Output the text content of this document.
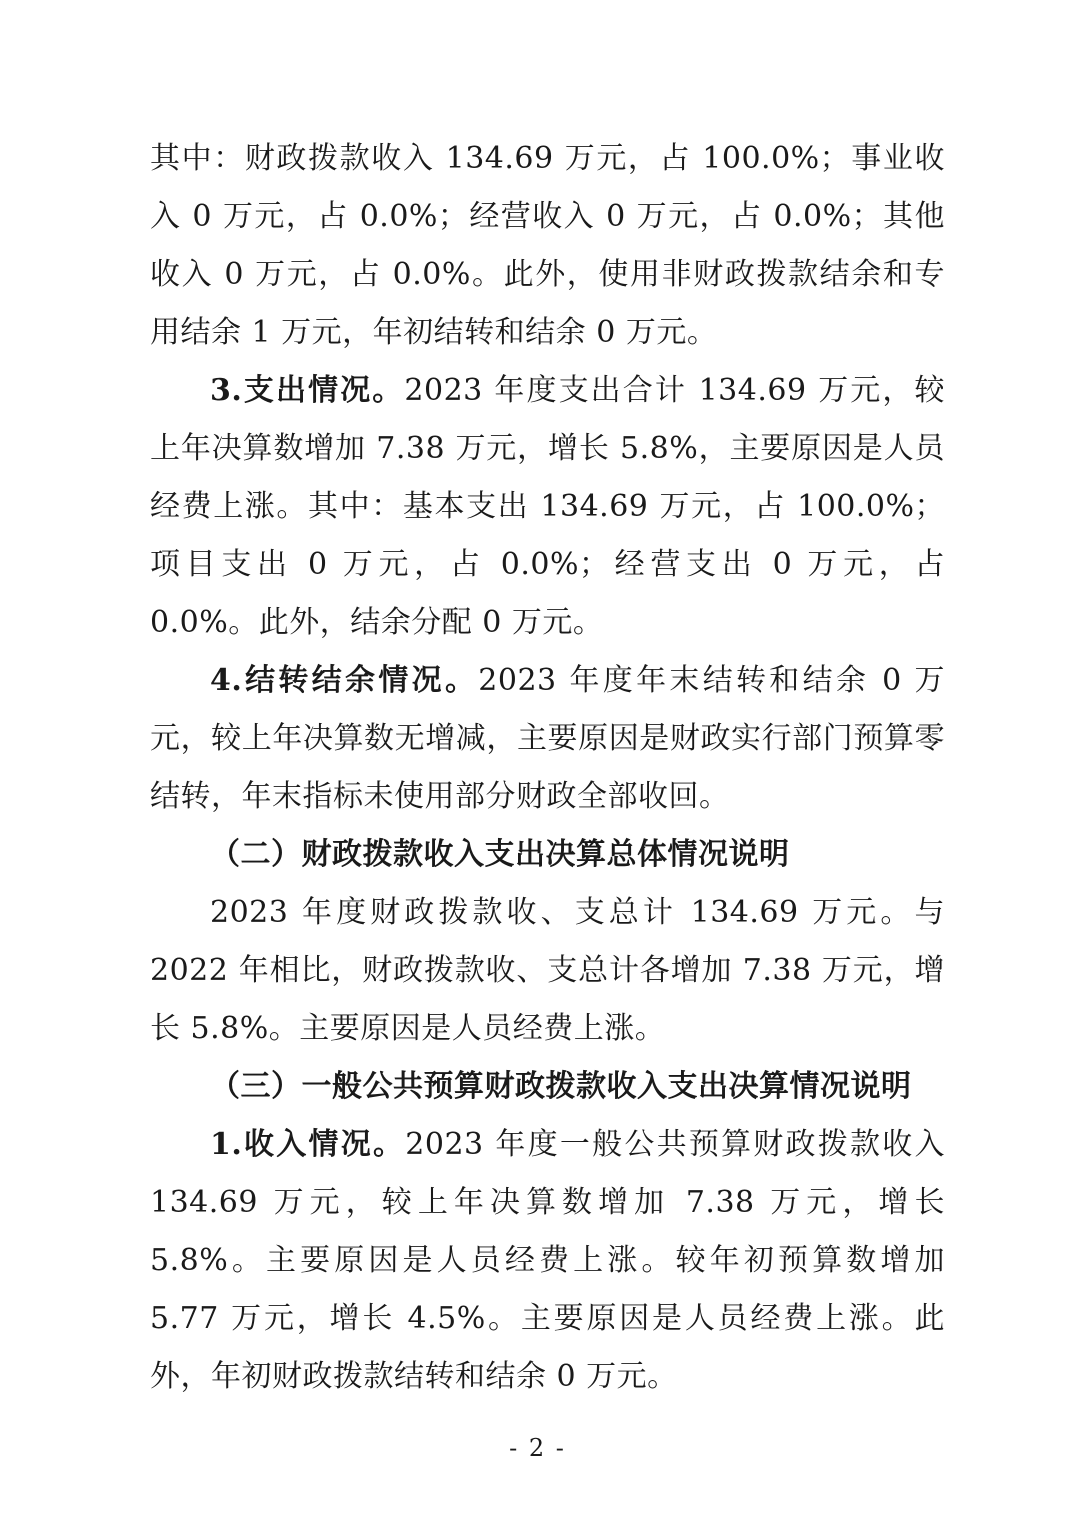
其中：财政拨款收入 134.69 万元，占 100.0%；事业收入 0 万元，占 0.0%；经营收入 0 万元，占 0.0%；其他收入 0 万元，占 0.0%。此外，使用非财政拨款结余和专用结余 1 万元，年初结转和结余 0 万元。

3.支出情况。2023 年度支出合计 134.69 万元，较上年决算数增加 7.38 万元，增长 5.8%，主要原因是人员经费上涨。其中：基本支出 134.69 万元，占 100.0%；项目支出 0 万元，占 0.0%；经营支出 0 万元，占 0.0%。此外，结余分配 0 万元。

4.结转结余情况。2023 年度年末结转和结余 0 万元，较上年决算数无增减，主要原因是财政实行部门预算零结转，年末指标未使用部分财政全部收回。

（二）财政拨款收入支出决算总体情况说明

2023 年度财政拨款收、支总计 134.69 万元。与 2022 年相比，财政拨款收、支总计各增加 7.38 万元，增长 5.8%。主要原因是人员经费上涨。

（三）一般公共预算财政拨款收入支出决算情况说明

1.收入情况。2023 年度一般公共预算财政拨款收入 134.69 万元，较上年决算数增加 7.38 万元，增长 5.8%。主要原因是人员经费上涨。较年初预算数增加 5.77 万元，增长 4.5%。主要原因是人员经费上涨。此外，年初财政拨款结转和结余 0 万元。

- 2 -
